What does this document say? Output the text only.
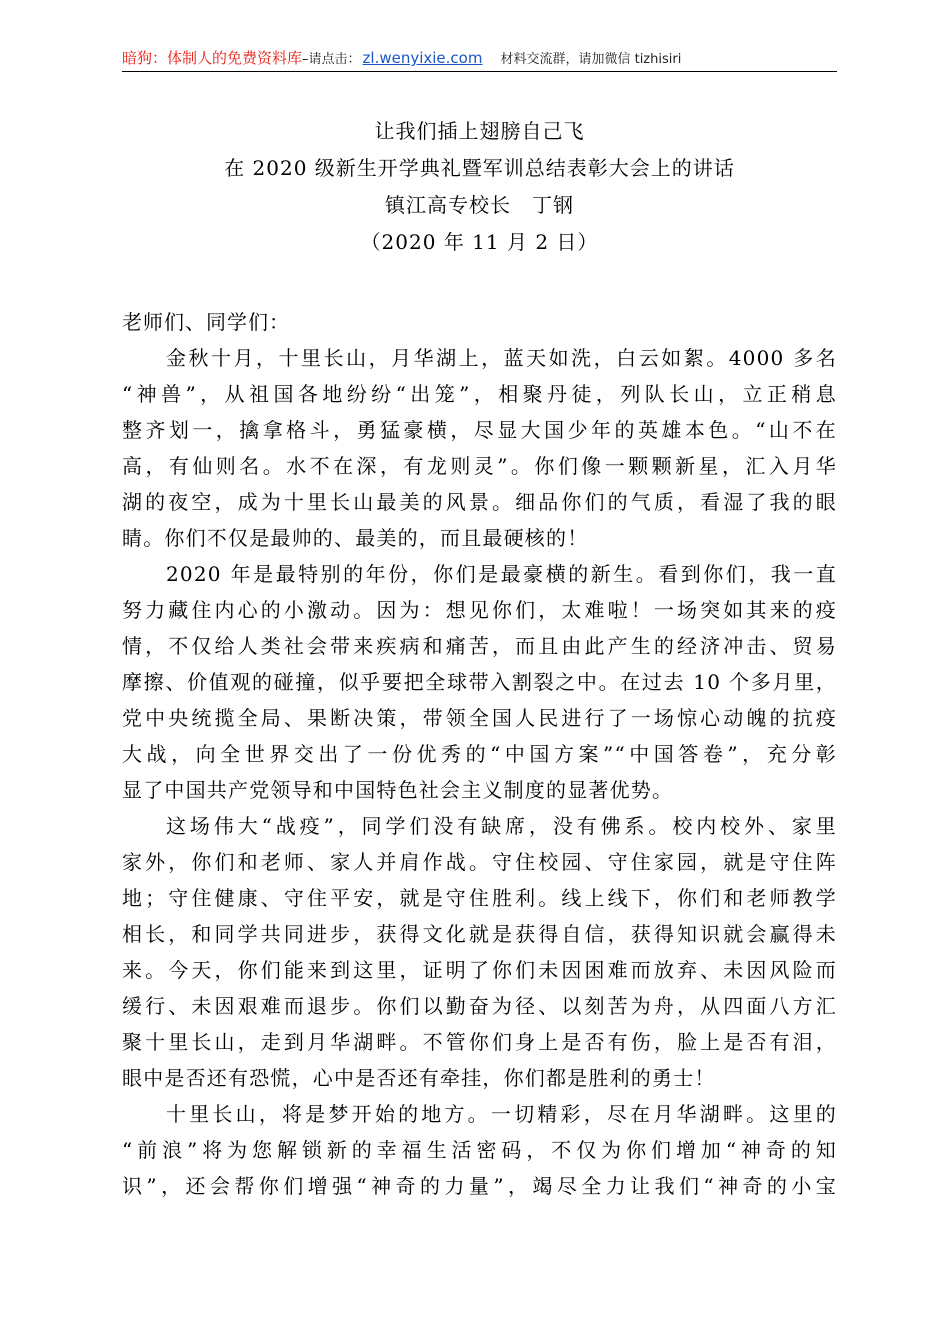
暗狗：体制人的免费资料库–请点击： zl.wenyixie.com 材料交流群，请加微信 tizhisiri
让我们插上翅膀自己飞
在 2020 级新生开学典礼暨军训总结表彰大会上的讲话
镇江高专校长　丁钢
（2020 年 11 月 2 日）
老师们、同学们：
金秋十月，十里长山，月华湖上，蓝天如洗，白云如絮。4000 多名
“神兽”，从祖国各地纷纷“出笼”，相聚丹徒，列队长山，立正稍息
整齐划一，擒拿格斗，勇猛豪横，尽显大国少年的英雄本色。“山不在
高，有仙则名。水不在深，有龙则灵”。你们像一颗颗新星，汇入月华
湖的夜空，成为十里长山最美的风景。细品你们的气质，看湿了我的眼
睛。你们不仅是最帅的、最美的，而且最硬核的！
2020 年是最特别的年份，你们是最豪横的新生。看到你们，我一直
努力藏住内心的小激动。因为：想见你们，太难啦！一场突如其来的疫
情，不仅给人类社会带来疾病和痛苦，而且由此产生的经济冲击、贸易
摩擦、价值观的碰撞，似乎要把全球带入割裂之中。在过去 10 个多月里，
党中央统揽全局、果断决策，带领全国人民进行了一场惊心动魄的抗疫
大战，向全世界交出了一份优秀的“中国方案”“中国答卷”，充分彰
显了中国共产党领导和中国特色社会主义制度的显著优势。
这场伟大“战疫”，同学们没有缺席，没有佛系。校内校外、家里
家外，你们和老师、家人并肩作战。守住校园、守住家园，就是守住阵
地；守住健康、守住平安，就是守住胜利。线上线下，你们和老师教学
相长，和同学共同进步，获得文化就是获得自信，获得知识就会赢得未
来。今天，你们能来到这里，证明了你们未因困难而放弃、未因风险而
缓行、未因艰难而退步。你们以勤奋为径、以刻苦为舟，从四面八方汇
聚十里长山，走到月华湖畔。不管你们身上是否有伤，脸上是否有泪，
眼中是否还有恐慌，心中是否还有牵挂，你们都是胜利的勇士！
十里长山，将是梦开始的地方。一切精彩，尽在月华湖畔。这里的
“前浪”将为您解锁新的幸福生活密码，不仅为你们增加“神奇的知
识”，还会帮你们增强“神奇的力量”，竭尽全力让我们“神奇的小宝
